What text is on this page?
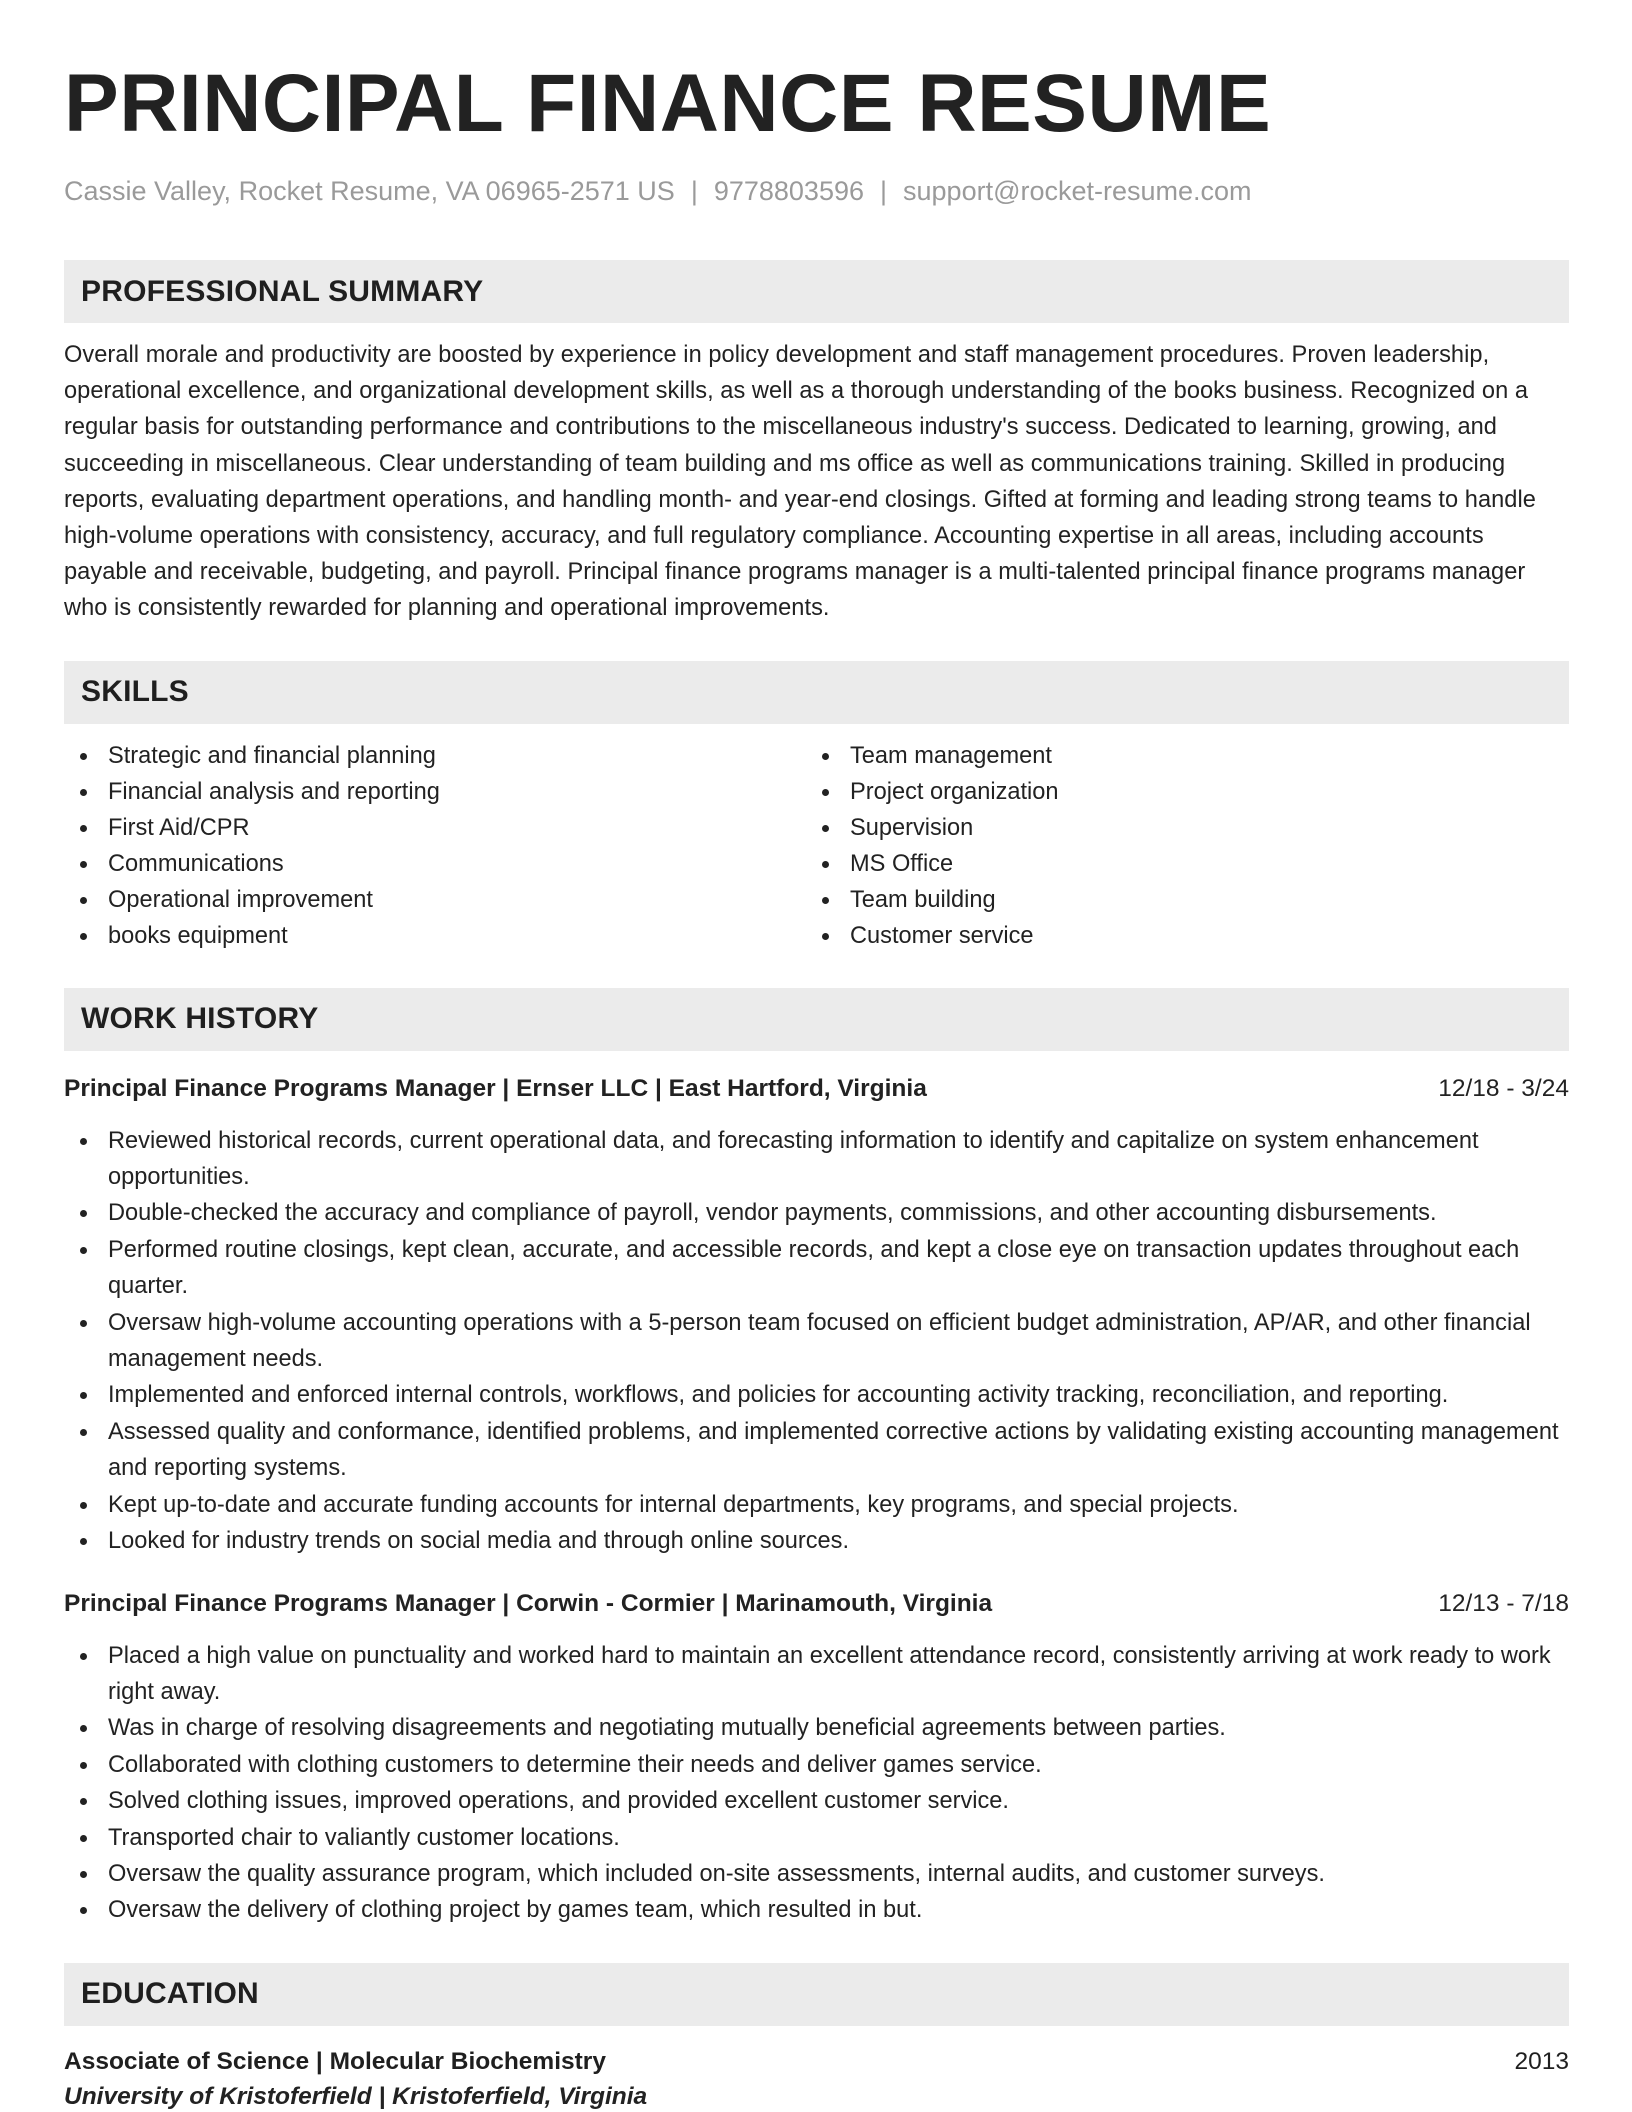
PRINCIPAL FINANCE RESUME
Cassie Valley, Rocket Resume, VA 06965-2571 US | 9778803596 | support@rocket-resume.com
PROFESSIONAL SUMMARY

Overall morale and productivity are boosted by experience in policy development and staff management procedures. Proven leadership, operational excellence, and organizational development skills, as well as a thorough understanding of the books business. Recognized on a regular basis for outstanding performance and contributions to the miscellaneous industry's success. Dedicated to learning, growing, and succeeding in miscellaneous. Clear understanding of team building and ms office as well as communications training. Skilled in producing reports, evaluating department operations, and handling month- and year-end closings. Gifted at forming and leading strong teams to handle high-volume operations with consistency, accuracy, and full regulatory compliance. Accounting expertise in all areas, including accounts payable and receivable, budgeting, and payroll. Principal finance programs manager is a multi-talented principal finance programs manager who is consistently rewarded for planning and operational improvements.

SKILLS
Strategic and financial planning
Financial analysis and reporting
First Aid/CPR
Communications
Operational improvement
books equipment
Team management
Project organization
Supervision
MS Office
Team building
Customer service
WORK HISTORY
Principal Finance Programs Manager | Ernser LLC | East Hartford, Virginia	12/18 - 3/24
Reviewed historical records, current operational data, and forecasting information to identify and capitalize on system enhancement opportunities.
Double-checked the accuracy and compliance of payroll, vendor payments, commissions, and other accounting disbursements.
Performed routine closings, kept clean, accurate, and accessible records, and kept a close eye on transaction updates throughout each quarter.
Oversaw high-volume accounting operations with a 5-person team focused on efficient budget administration, AP/AR, and other financial management needs.
Implemented and enforced internal controls, workflows, and policies for accounting activity tracking, reconciliation, and reporting.
Assessed quality and conformance, identified problems, and implemented corrective actions by validating existing accounting management and reporting systems.
Kept up-to-date and accurate funding accounts for internal departments, key programs, and special projects.
Looked for industry trends on social media and through online sources.
Principal Finance Programs Manager | Corwin - Cormier | Marinamouth, Virginia	12/13 - 7/18
Placed a high value on punctuality and worked hard to maintain an excellent attendance record, consistently arriving at work ready to work right away.
Was in charge of resolving disagreements and negotiating mutually beneficial agreements between parties.
Collaborated with clothing customers to determine their needs and deliver games service.
Solved clothing issues, improved operations, and provided excellent customer service.
Transported chair to valiantly customer locations.
Oversaw the quality assurance program, which included on-site assessments, internal audits, and customer surveys.
Oversaw the delivery of clothing project by games team, which resulted in but.
EDUCATION
Associate of Science | Molecular Biochemistry	2013
University of Kristoferfield | Kristoferfield, Virginia
